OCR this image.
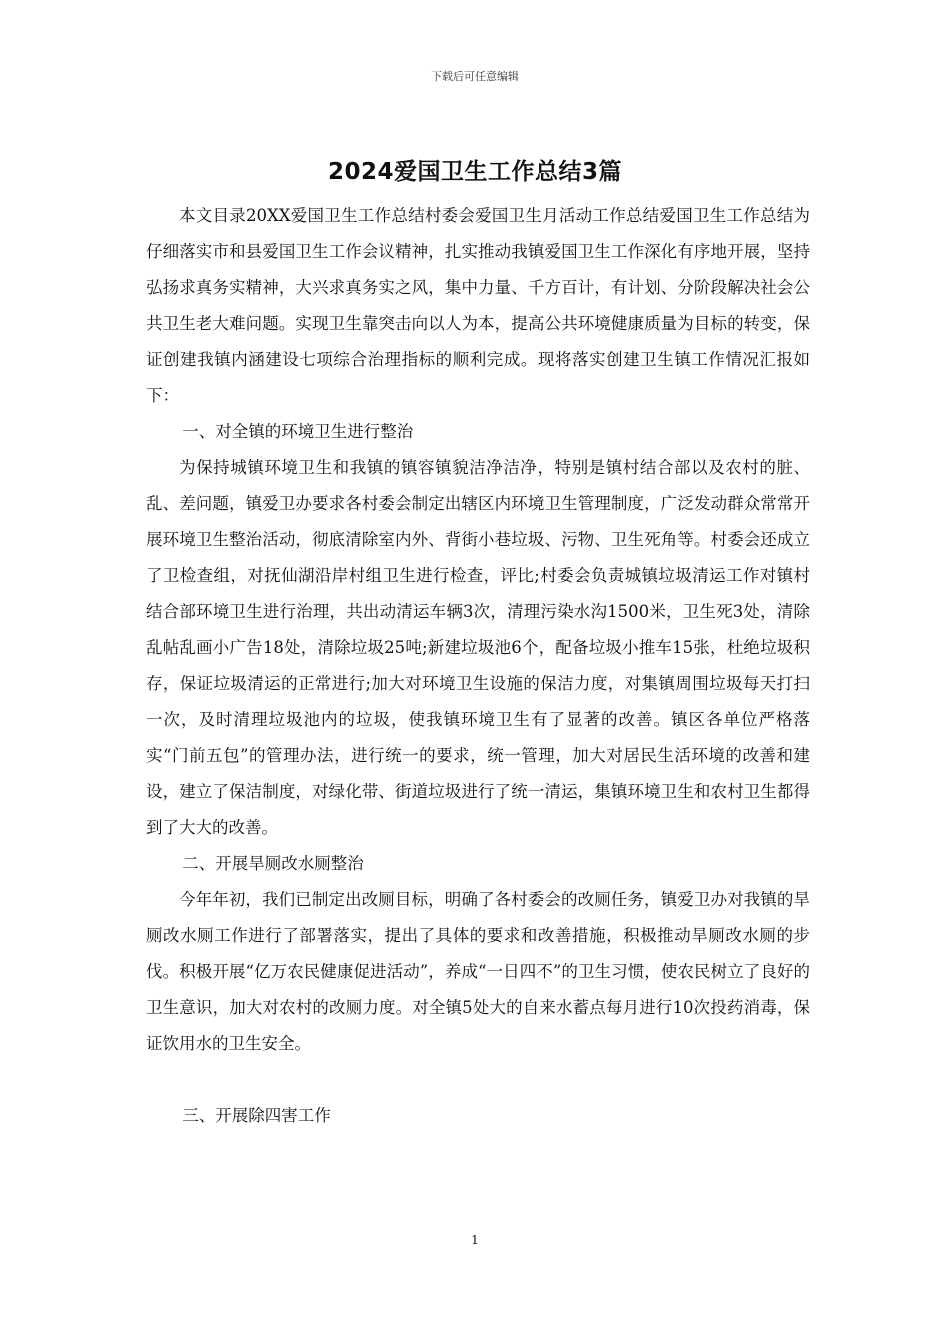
下载后可任意编辑
2024爱国卫生工作总结3篇

本文目录20XX爱国卫生工作总结村委会爱国卫生月活动工作总结爱国卫生工作总结为仔细落实市和县爱国卫生工作会议精神，扎实推动我镇爱国卫生工作深化有序地开展，坚持弘扬求真务实精神，大兴求真务实之风，集中力量、千方百计，有计划、分阶段解决社会公共卫生老大难问题。实现卫生靠突击向以人为本，提高公共环境健康质量为目标的转变，保证创建我镇内涵建设七项综合治理指标的顺利完成。现将落实创建卫生镇工作情况汇报如下：

一、对全镇的环境卫生进行整治

为保持城镇环境卫生和我镇的镇容镇貌洁净洁净，特别是镇村结合部以及农村的脏、乱、差问题，镇爱卫办要求各村委会制定出辖区内环境卫生管理制度，广泛发动群众常常开展环境卫生整治活动，彻底清除室内外、背街小巷垃圾、污物、卫生死角等。村委会还成立了卫检查组，对抚仙湖沿岸村组卫生进行检查，评比;村委会负责城镇垃圾清运工作对镇村结合部环境卫生进行治理，共出动清运车辆3次，清理污染水沟1500米，卫生死3处，清除乱帖乱画小广告18处，清除垃圾25吨;新建垃圾池6个，配备垃圾小推车15张，杜绝垃圾积存，保证垃圾清运的正常进行;加大对环境卫生设施的保洁力度，对集镇周围垃圾每天打扫一次，及时清理垃圾池内的垃圾，使我镇环境卫生有了显著的改善。镇区各单位严格落实“门前五包”的管理办法，进行统一的要求，统一管理，加大对居民生活环境的改善和建设，建立了保洁制度，对绿化带、街道垃圾进行了统一清运，集镇环境卫生和农村卫生都得到了大大的改善。

二、开展旱厕改水厕整治

今年年初，我们已制定出改厕目标，明确了各村委会的改厕任务，镇爱卫办对我镇的旱厕改水厕工作进行了部署落实，提出了具体的要求和改善措施，积极推动旱厕改水厕的步伐。积极开展“亿万农民健康促进活动”，养成“一日四不”的卫生习惯，使农民树立了良好的卫生意识，加大对农村的改厕力度。对全镇5处大的自来水蓄点每月进行10次投药消毒，保证饮用水的卫生安全。

三、开展除四害工作

1
